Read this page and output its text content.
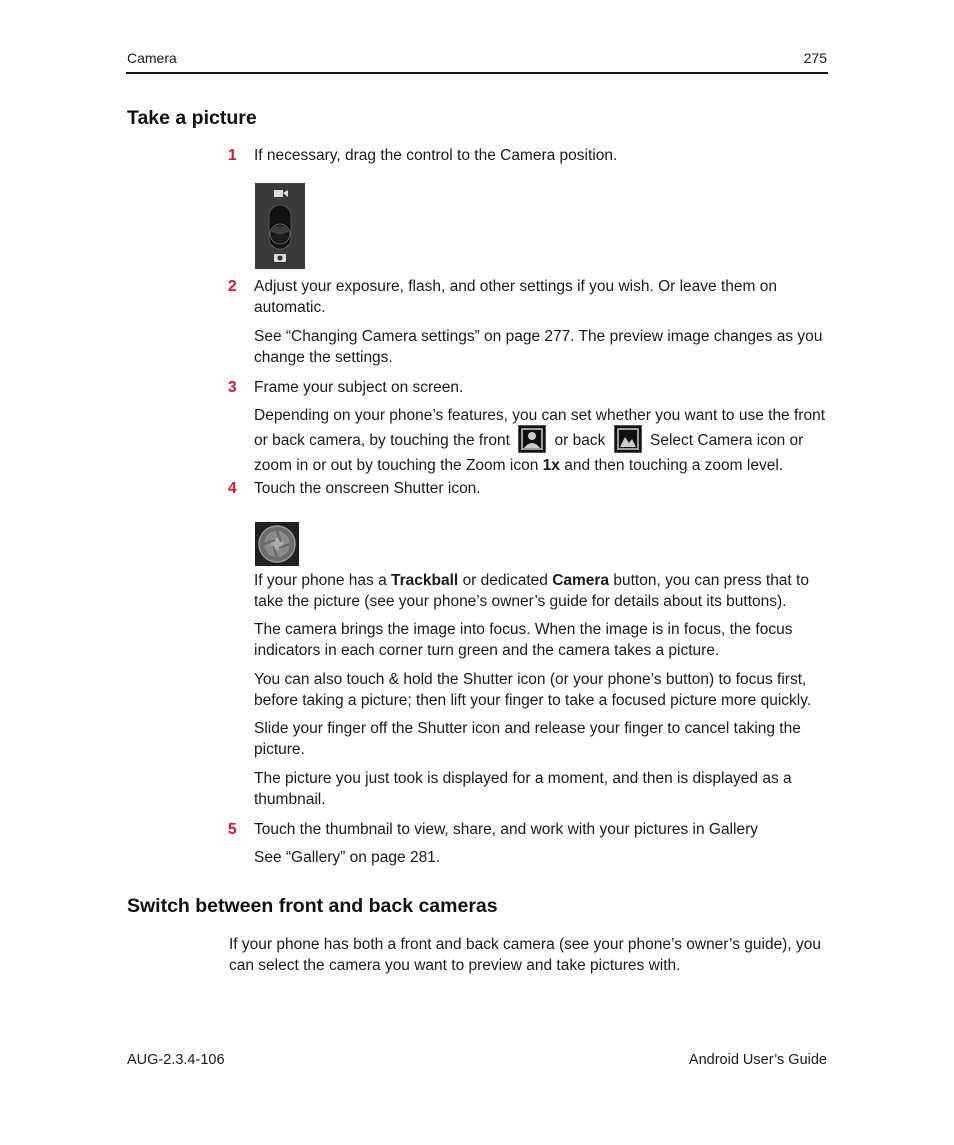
Camera	275
Take a picture
1 If necessary, drag the control to the Camera position.
2 Adjust your exposure, flash, and other settings if you wish. Or leave them on automatic.
See “Changing Camera settings” on page 277. The preview image changes as you change the settings.
3 Frame your subject on screen.
Depending on your phone’s features, you can set whether you want to use the front or back camera, by touching the front	or back	Select Camera icon or zoom in or out by touching the Zoom icon 1x and then touching a zoom level.
4 Touch the onscreen Shutter icon.
If your phone has a Trackball or dedicated Camera button, you can press that to take the picture (see your phone’s owner’s guide for details about its buttons).
The camera brings the image into focus. When the image is in focus, the focus indicators in each corner turn green and the camera takes a picture.
You can also touch & hold the Shutter icon (or your phone’s button) to focus first, before taking a picture; then lift your finger to take a focused picture more quickly.
Slide your finger off the Shutter icon and release your finger to cancel taking the picture.
The picture you just took is displayed for a moment, and then is displayed as a thumbnail.
5 Touch the thumbnail to view, share, and work with your pictures in Gallery
See “Gallery” on page 281.
Switch between front and back cameras
If your phone has both a front and back camera (see your phone’s owner’s guide), you can select the camera you want to preview and take pictures with.
AUG-2.3.4-106	Android User’s Guide
